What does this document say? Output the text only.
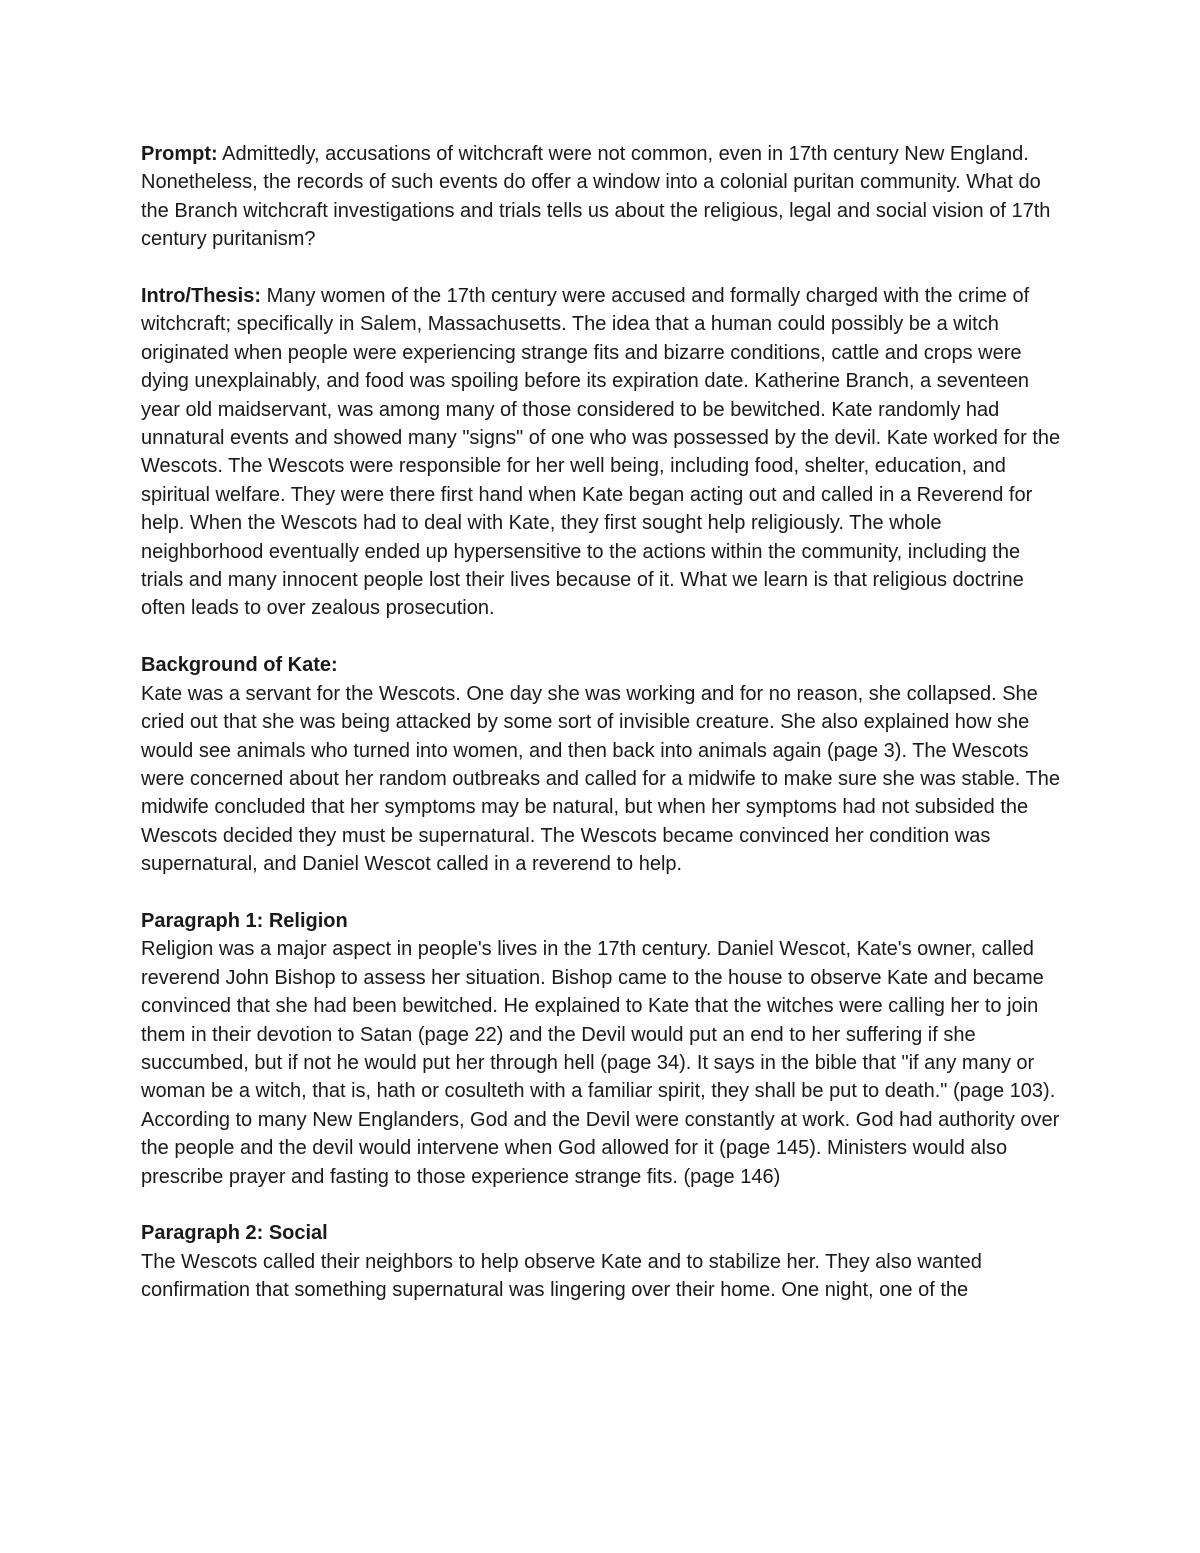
Prompt: Admittedly, accusations of witchcraft were not common, even in 17th century New England. Nonetheless, the records of such events do offer a window into a colonial puritan community. What do the Branch witchcraft investigations and trials tells us about the religious, legal and social vision of 17th century puritanism?

Intro/Thesis: Many women of the 17th century were accused and formally charged with the crime of witchcraft; specifically in Salem, Massachusetts. The idea that a human could possibly be a witch originated when people were experiencing strange fits and bizarre conditions, cattle and crops were dying unexplainably, and food was spoiling before its expiration date. Katherine Branch, a seventeen year old maidservant, was among many of those considered to be bewitched. Kate randomly had unnatural events and showed many "signs" of one who was possessed by the devil. Kate worked for the Wescots. The Wescots were responsible for her well being, including food, shelter, education, and spiritual welfare. They were there first hand when Kate began acting out and called in a Reverend for help. When the Wescots had to deal with Kate, they first sought help religiously. The whole neighborhood eventually ended up hypersensitive to the actions within the community, including the trials and many innocent people lost their lives because of it. What we learn is that religious doctrine often leads to over zealous prosecution.

Background of Kate:
Kate was a servant for the Wescots. One day she was working and for no reason, she collapsed. She cried out that she was being attacked by some sort of invisible creature. She also explained how she would see animals who turned into women, and then back into animals again (page 3). The Wescots were concerned about her random outbreaks and called for a midwife to make sure she was stable. The midwife concluded that her symptoms may be natural, but when her symptoms had not subsided the Wescots decided they must be supernatural. The Wescots became convinced her condition was supernatural, and Daniel Wescot called in a reverend to help.
Paragraph 1: Religion
Religion was a major aspect in people's lives in the 17th century. Daniel Wescot, Kate's owner, called reverend John Bishop to assess her situation. Bishop came to the house to observe Kate and became convinced that she had been bewitched. He explained to Kate that the witches were calling her to join them in their devotion to Satan (page 22) and the Devil would put an end to her suffering if she succumbed, but if not he would put her through hell (page 34). It says in the bible that "if any many or woman be a witch, that is, hath or cosulteth with a familiar spirit, they shall be put to death." (page 103). According to many New Englanders, God and the Devil were constantly at work. God had authority over the people and the devil would intervene when God allowed for it (page 145). Ministers would also prescribe prayer and fasting to those experience strange fits. (page 146)
Paragraph 2: Social
The Wescots called their neighbors to help observe Kate and to stabilize her. They also wanted confirmation that something supernatural was lingering over their home. One night, one of the
